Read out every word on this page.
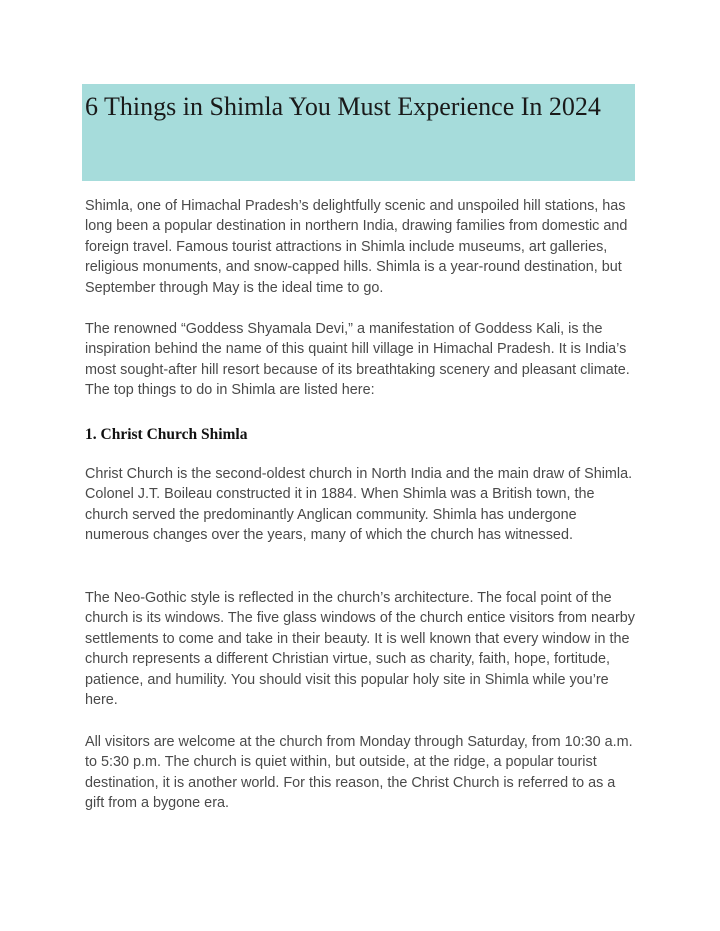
6 Things in Shimla You Must Experience In 2024

Shimla, one of Himachal Pradesh’s delightfully scenic and unspoiled hill stations, has long been a popular destination in northern India, drawing families from domestic and foreign travel. Famous tourist attractions in Shimla include museums, art galleries, religious monuments, and snow-capped hills. Shimla is a year-round destination, but September through May is the ideal time to go.

The renowned “Goddess Shyamala Devi,” a manifestation of Goddess Kali, is the inspiration behind the name of this quaint hill village in Himachal Pradesh. It is India’s most sought-after hill resort because of its breathtaking scenery and pleasant climate. The top things to do in Shimla are listed here:

1. Christ Church Shimla

Christ Church is the second-oldest church in North India and the main draw of Shimla. Colonel J.T. Boileau constructed it in 1884. When Shimla was a British town, the church served the predominantly Anglican community. Shimla has undergone numerous changes over the years, many of which the church has witnessed.

The Neo-Gothic style is reflected in the church’s architecture. The focal point of the church is its windows. The five glass windows of the church entice visitors from nearby settlements to come and take in their beauty. It is well known that every window in the church represents a different Christian virtue, such as charity, faith, hope, fortitude, patience, and humility. You should visit this popular holy site in Shimla while you’re here.

All visitors are welcome at the church from Monday through Saturday, from 10:30 a.m. to 5:30 p.m. The church is quiet within, but outside, at the ridge, a popular tourist destination, it is another world. For this reason, the Christ Church is referred to as a gift from a bygone era.
